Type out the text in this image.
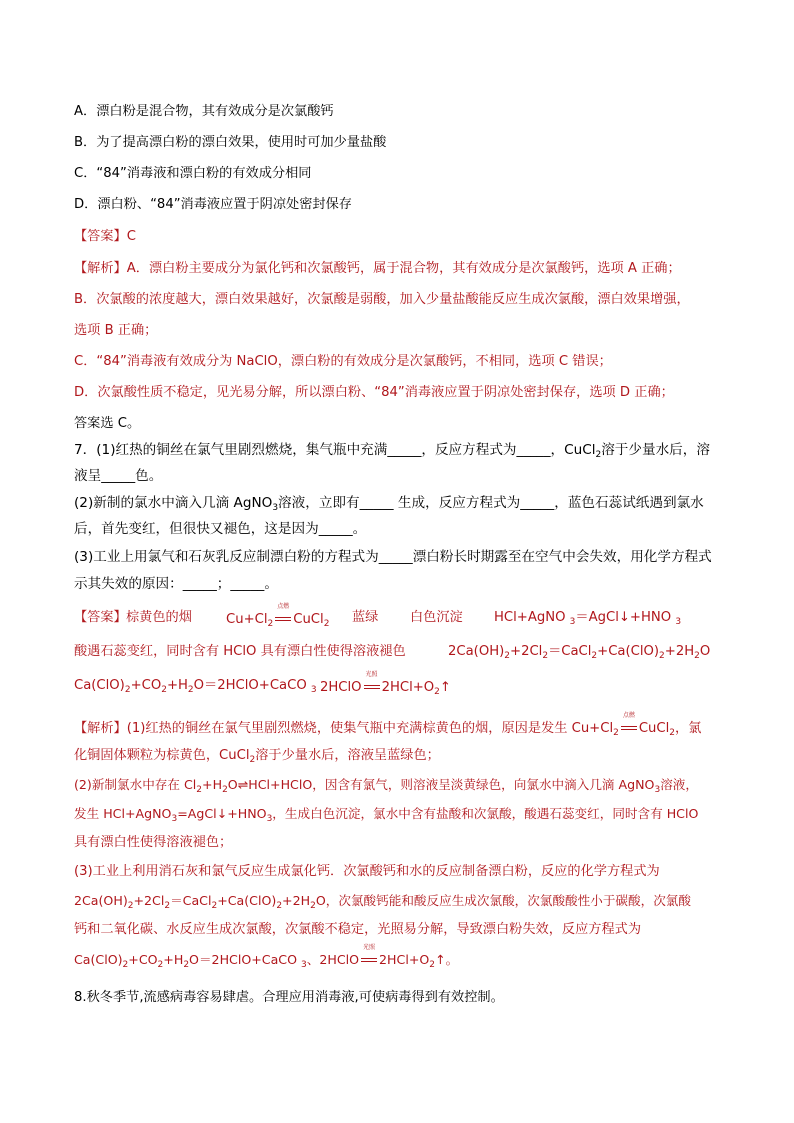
A．漂白粉是混合物，其有效成分是次氯酸钙
B．为了提高漂白粉的漂白效果，使用时可加少量盐酸
C．“84”消毒液和漂白粉的有效成分相同
D．漂白粉、“84”消毒液应置于阴凉处密封保存
【答案】C
【解析】A．漂白粉主要成分为氯化钙和次氯酸钙，属于混合物，其有效成分是次氯酸钙，选项 A 正确；
B．次氯酸的浓度越大，漂白效果越好，次氯酸是弱酸，加入少量盐酸能反应生成次氯酸，漂白效果增强，
选项 B 正确；
C．“84”消毒液有效成分为 NaClO，漂白粉的有效成分是次氯酸钙，不相同，选项 C 错误；
D．次氯酸性质不稳定，见光易分解，所以漂白粉、“84”消毒液应置于阴凉处密封保存，选项 D 正确；
答案选 C。
7．(1)红热的铜丝在氯气里剧烈燃烧，集气瓶中充满_____，反应方程式为_____，CuCl$_2$溶于少量水后，溶
液呈_____色。
(2)新制的氯水中滴入几滴 AgNO$_3$溶液，立即有_____ 生成，反应方程式为_____，蓝色石蕊试纸遇到氯水
后，首先变红，但很快又褪色，这是因为_____。
(3)工业上用氯气和石灰乳反应制漂白粉的方程式为_____漂白粉长时期露至在空气中会失效，用化学方程式
示其失效的原因：_____；_____。
【答案】 棕黄色的烟	$Cu+Cl_2$
点燃
CuCl$_2$ 蓝绿 白色沉淀 HCl+AgNO $_3$＝AgCl↓+HNO $_3$
酸遇石蕊变红，同时含有 HClO 具有漂白性使得溶液褪色	$2Ca(OH)_2+2Cl_2=CaCl_2+Ca(ClO)_2+2H_2O$
$Ca(ClO)_2+CO_2+H_2O=2HClO+CaCO$ $_3$ 2HClO
光照
$2HCl+O_2↑$
【解析】(1)红热的铜丝在氯气里剧烈燃烧，使集气瓶中充满棕黄色的烟，原因是发生 $Cu+Cl_2$
点燃
CuCl$_2$，氯
化铜固体颗粒为棕黄色，CuCl$_2$溶于少量水后，溶液呈蓝绿色；
(2)新制氯水中存在 $Cl_2+H_2O\rightleftharpoons HCl+HClO$，因含有氯气，则溶液呈淡黄绿色，向氯水中滴入几滴 AgNO$_3$溶液，
发生 $HCl+AgNO_3=AgCl↓+HNO_3$，生成白色沉淀，氯水中含有盐酸和次氯酸，酸遇石蕊变红，同时含有 HClO
具有漂白性使得溶液褪色；
(3)工业上利用消石灰和氯气反应生成氯化钙．次氯酸钙和水的反应制备漂白粉，反应的化学方程式为
$2Ca(OH)_2+2Cl_2=CaCl_2+Ca(ClO)_2+2H_2O$，次氯酸钙能和酸反应生成次氯酸，次氯酸酸性小于碳酸，次氯酸
钙和二氧化碳、水反应生成次氯酸，次氯酸不稳定，光照易分解，导致漂白粉失效，反应方程式为
$Ca(ClO)_2+CO_2+H_2O=2HClO+CaCO$ $_3$、2HClO
光照
$2HCl+O_2↑$。
8.秋冬季节,流感病毒容易肆虐。合理应用消毒液,可使病毒得到有效控制。
